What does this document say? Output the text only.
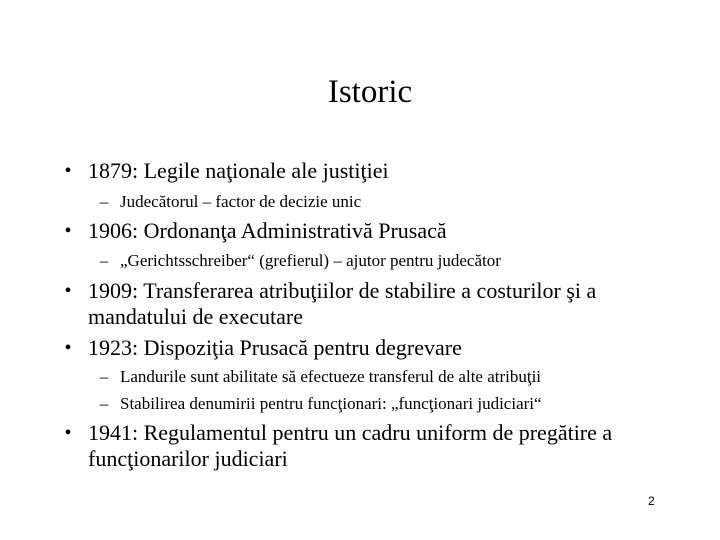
Istoric
• 1879: Legile naţionale ale justiţiei
– Judecătorul – factor de decizie unic
• 1906: Ordonanţa Administrativă Prusacă
– „Gerichtsschreiber“ (grefierul) – ajutor pentru judecător
• 1909: Transferarea atribuţiilor de stabilire a costurilor şi a
mandatului de executare
• 1923: Dispoziţia Prusacă pentru degrevare
– Landurile sunt abilitate să efectueze transferul de alte atribuţii
– Stabilirea denumirii pentru funcţionari: „funcţionari judiciari“
• 1941: Regulamentul pentru un cadru uniform de pregătire a
funcţionarilor judiciari
2
